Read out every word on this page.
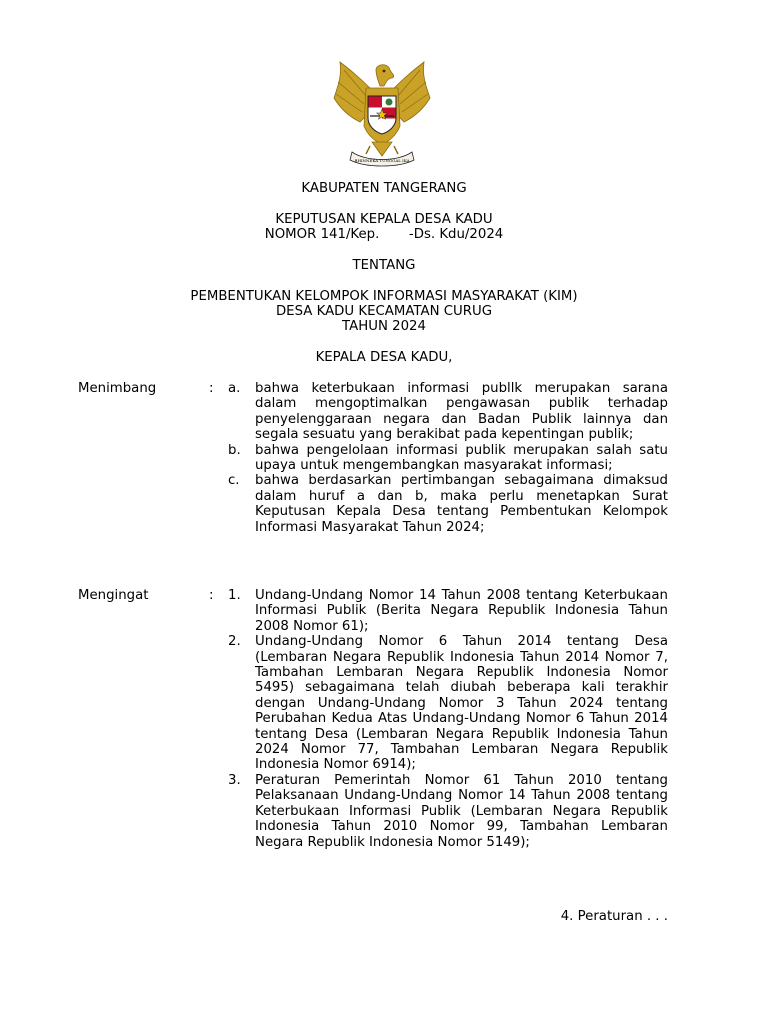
BHINNEKA TUNGGAL IKA
KABUPATEN TANGERANG
KEPUTUSAN KEPALA DESA KADU
NOMOR 141/Kep.       -Ds. Kdu/2024
TENTANG
PEMBENTUKAN KELOMPOK INFORMASI MASYARAKAT (KIM)
DESA KADU KECAMATAN CURUG
TAHUN 2024
KEPALA DESA KADU,
Menimbang	: a. bahwa keterbukaan informasi publlk merupakan sarana dalam mengoptimalkan pengawasan publik terhadap penyelenggaraan negara dan Badan Publik lainnya dan segala sesuatu yang berakibat pada kepentingan publik;
b. bahwa pengelolaan informasi publik merupakan salah satu upaya untuk mengembangkan masyarakat informasi;
c. bahwa berdasarkan pertimbangan sebagaimana dimaksud dalam huruf a dan b, maka perlu menetapkan Surat Keputusan Kepala Desa tentang Pembentukan Kelompok Informasi Masyarakat Tahun 2024;
Mengingat	: 1. Undang-Undang Nomor 14 Tahun 2008 tentang Keterbukaan Informasi Publik (Berita Negara Republik Indonesia Tahun 2008 Nomor 61);
2. Undang-Undang Nomor 6 Tahun 2014 tentang Desa (Lembaran Negara Republik Indonesia Tahun 2014 Nomor 7, Tambahan Lembaran Negara Republik Indonesia Nomor 5495) sebagaimana telah diubah beberapa kali terakhir dengan Undang-Undang Nomor 3 Tahun 2024 tentang Perubahan Kedua Atas Undang-Undang Nomor 6 Tahun 2014 tentang Desa (Lembaran Negara Republik Indonesia Tahun 2024 Nomor 77, Tambahan Lembaran Negara Republik Indonesia Nomor 6914);
3. Peraturan Pemerintah Nomor 61 Tahun 2010 tentang Pelaksanaan Undang-Undang Nomor 14 Tahun 2008 tentang Keterbukaan Informasi Publik (Lembaran Negara Republik Indonesia Tahun 2010 Nomor 99, Tambahan Lembaran Negara Republik Indonesia Nomor 5149);
4. Peraturan . . .
